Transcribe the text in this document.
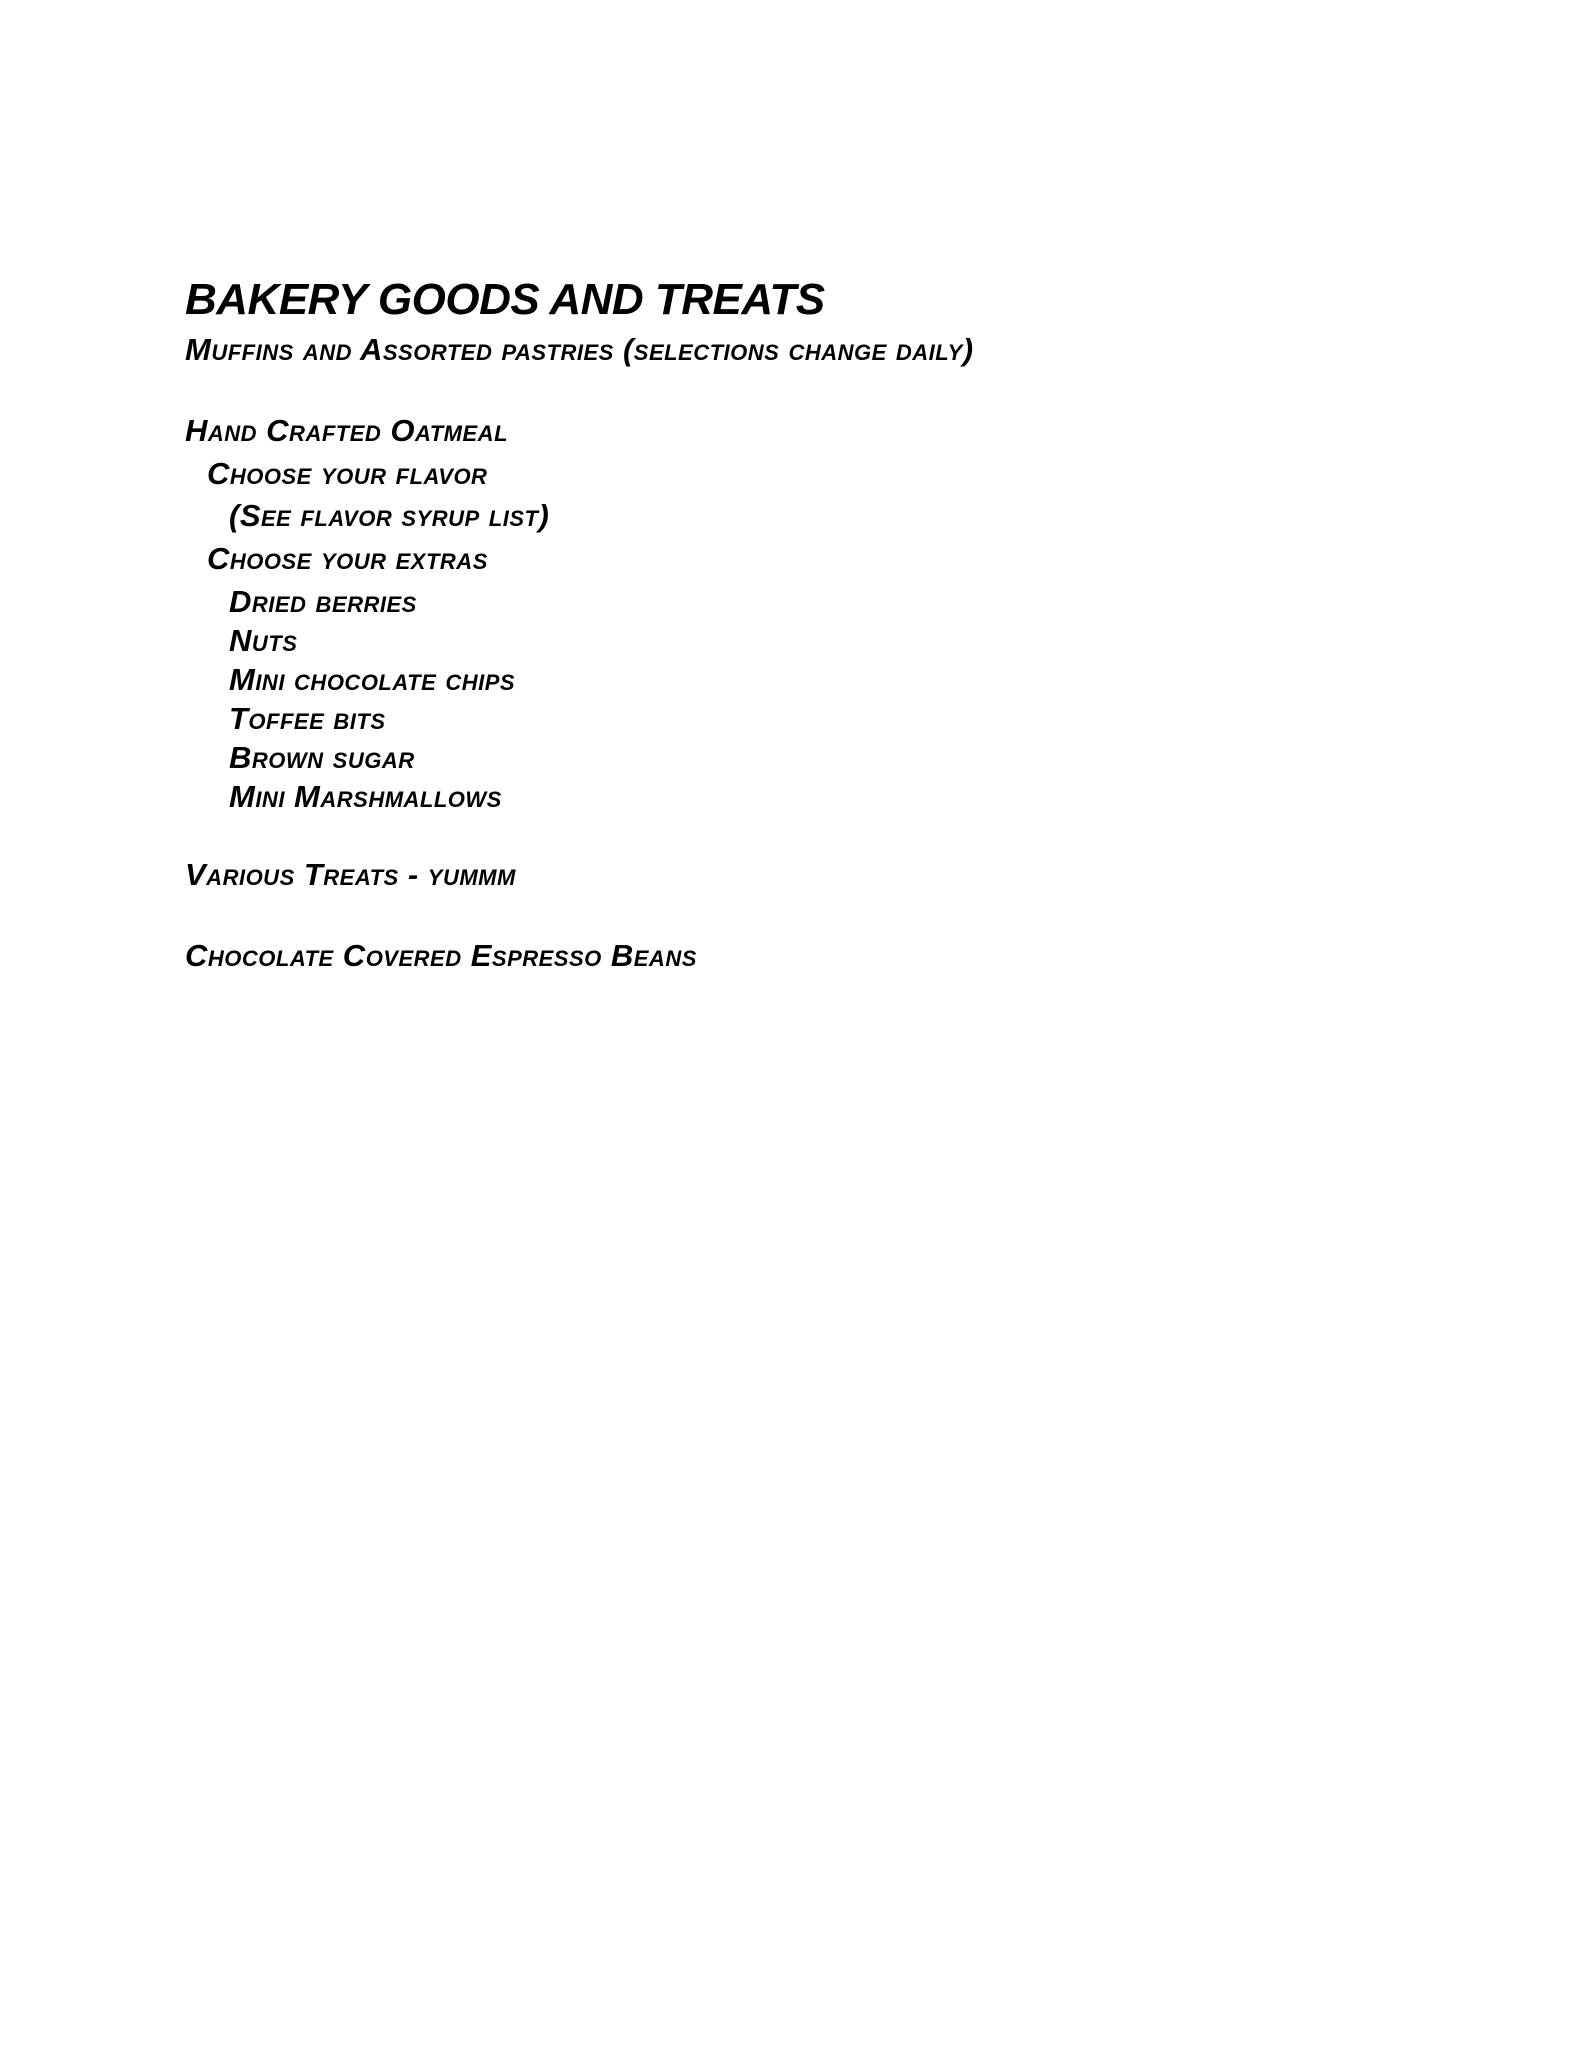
BAKERY GOODS AND TREATS
Muffins and Assorted pastries (selections change daily)
Hand Crafted Oatmeal
Choose your flavor
(See flavor syrup list)
Choose your extras
Dried berries
Nuts
Mini chocolate chips
Toffee bits
Brown sugar
Mini Marshmallows
Various Treats - yummm
Chocolate Covered Espresso Beans
